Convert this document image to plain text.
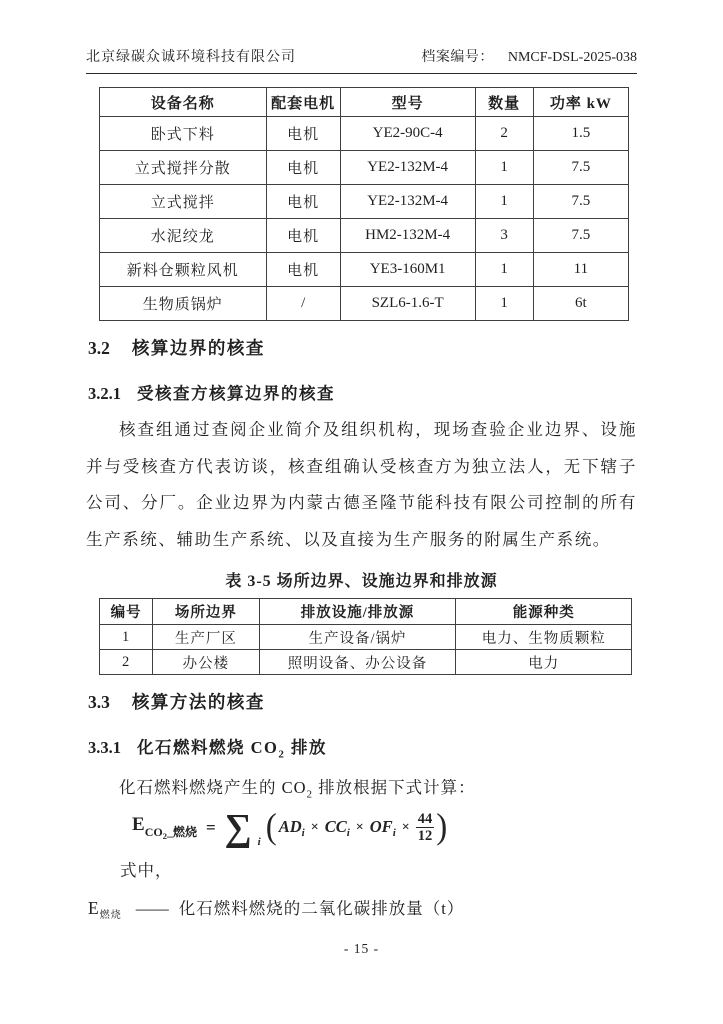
北京绿碳众诚环境科技有限公司	档案编号： NMCF-DSL-2025-038
设备名称	配套电机	型号	数量	功率 kW
卧式下料	电机	YE2-90C-4	2	1.5
立式搅拌分散	电机	YE2-132M-4	1	7.5
立式搅拌	电机	YE2-132M-4	1	7.5
水泥绞龙	电机	HM2-132M-4	3	7.5
新料仓颗粒风机	电机	YE3-160M1	1	11
生物质锅炉	/	SZL6-1.6-T	1	6t
3.2 核算边界的核查
3.2.1 受核查方核算边界的核查

核查组通过查阅企业简介及组织机构，现场查验企业边界、设施并与受核查方代表访谈，核查组确认受核查方为独立法人，无下辖子公司、分厂。企业边界为内蒙古德圣隆节能科技有限公司控制的所有生产系统、辅助生产系统、以及直接为生产服务的附属生产系统。

表 3-5 场所边界、设施边界和排放源
编号	场所边界	排放设施/排放源	能源种类
1	生产厂区	生产设备/锅炉	电力、生物质颗粒
2	办公楼	照明设备、办公设备	电力
3.3 核算方法的核查
3.3.1 化石燃料燃烧 $CO_2$ 排放

化石燃料燃烧产生的 $CO_2$ 排放根据下式计算：

$E_{CO_2\_燃烧}$ = ∑ i ( $AD_i \times CC_i \times OF_i \times \frac{44}{12}$ )
式中，
$E_{燃烧}$ —— 化石燃料燃烧的二氧化碳排放量（t）
- 15 -
